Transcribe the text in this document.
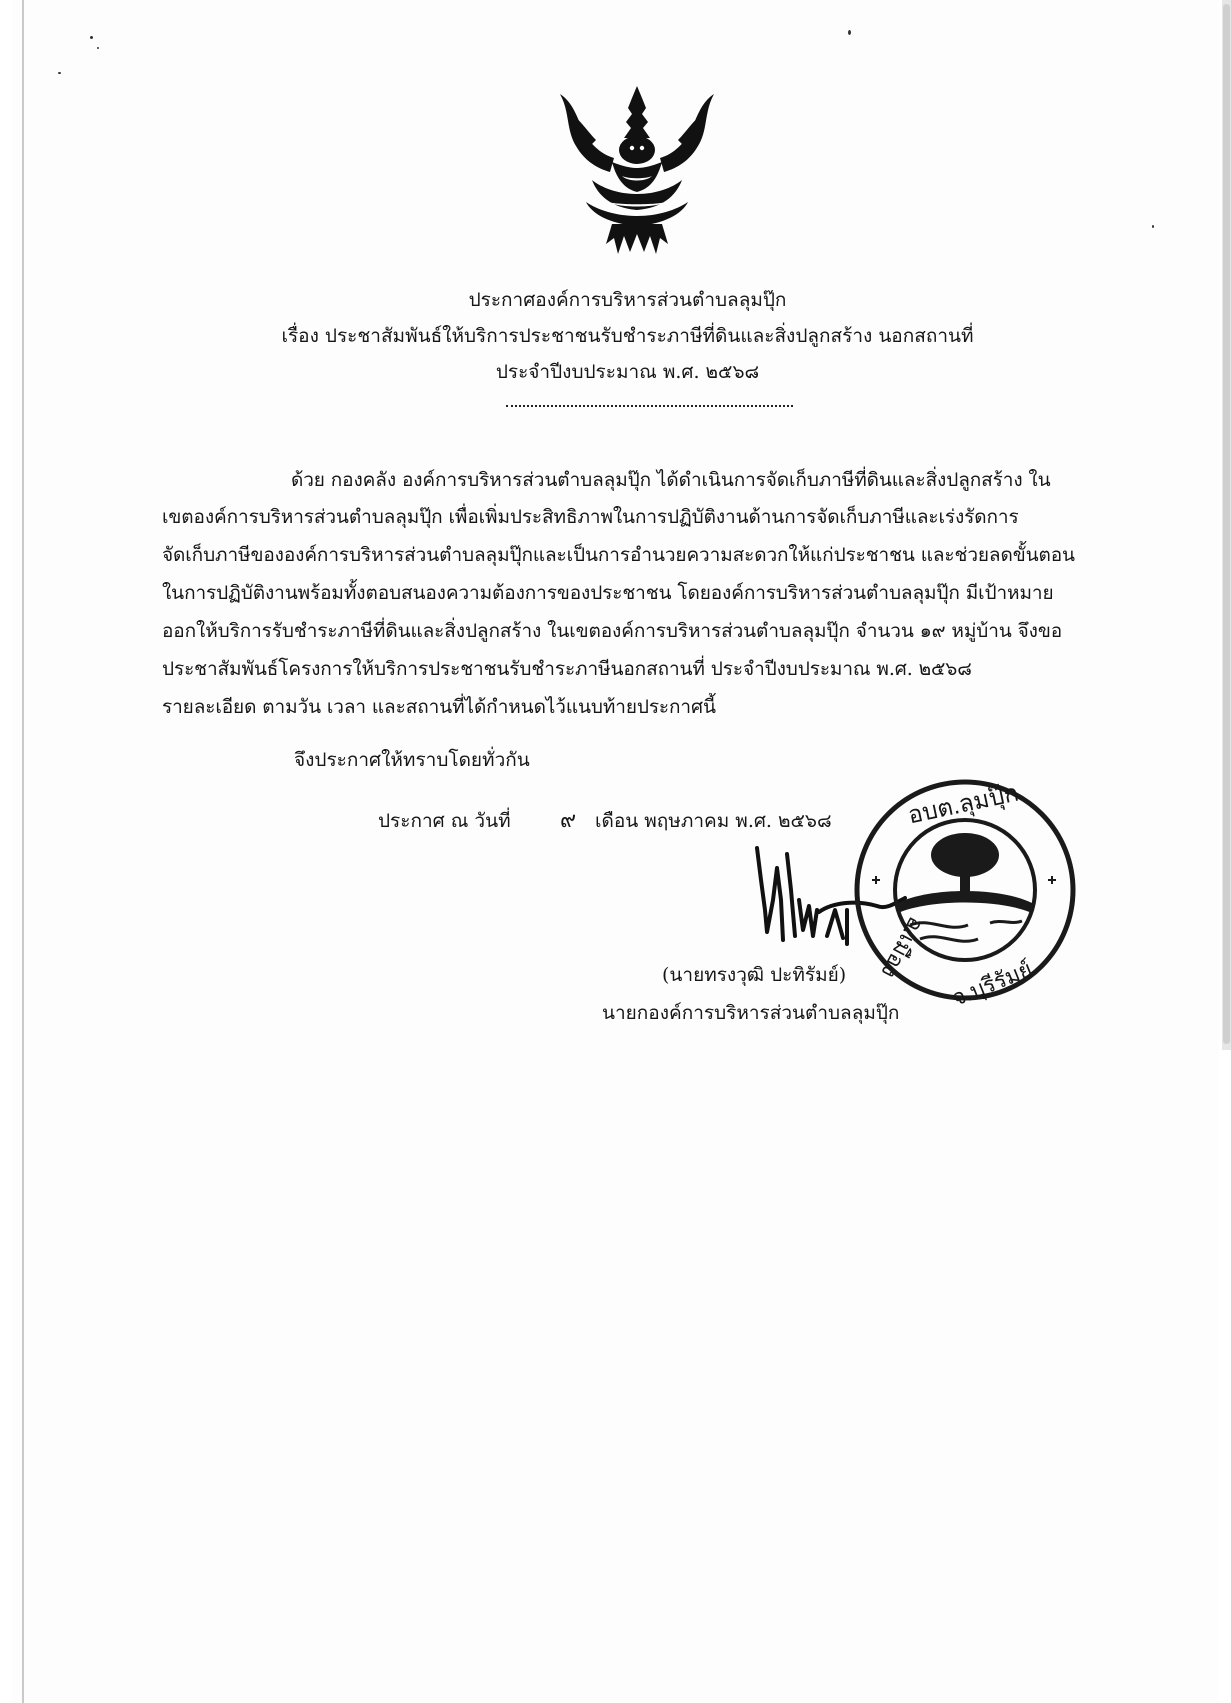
ประกาศองค์การบริหารส่วนตำบลลุมปุ๊ก
เรื่อง ประชาสัมพันธ์ให้บริการประชาชนรับชำระภาษีที่ดินและสิ่งปลูกสร้าง นอกสถานที่
ประจำปีงบประมาณ พ.ศ. ๒๕๖๘
ด้วย กองคลัง องค์การบริหารส่วนตำบลลุมปุ๊ก ได้ดำเนินการจัดเก็บภาษีที่ดินและสิ่งปลูกสร้าง ใน
เขตองค์การบริหารส่วนตำบลลุมปุ๊ก เพื่อเพิ่มประสิทธิภาพในการปฏิบัติงานด้านการจัดเก็บภาษีและเร่งรัดการ
จัดเก็บภาษีขององค์การบริหารส่วนตำบลลุมปุ๊กและเป็นการอำนวยความสะดวกให้แก่ประชาชน และช่วยลดขั้นตอน
ในการปฏิบัติงานพร้อมทั้งตอบสนองความต้องการของประชาชน โดยองค์การบริหารส่วนตำบลลุมปุ๊ก มีเป้าหมาย
ออกให้บริการรับชำระภาษีที่ดินและสิ่งปลูกสร้าง ในเขตองค์การบริหารส่วนตำบลลุมปุ๊ก จำนวน ๑๙ หมู่บ้าน จึงขอ
ประชาสัมพันธ์โครงการให้บริการประชาชนรับชำระภาษีนอกสถานที่ ประจำปีงบประมาณ พ.ศ. ๒๕๖๘
รายละเอียด ตามวัน เวลา และสถานที่ได้กำหนดไว้แนบท้ายประกาศนี้
จึงประกาศให้ทราบโดยทั่วกัน
ประกาศ ณ วันที่ ๙ เดือน พฤษภาคม พ.ศ. ๒๕๖๘	อบต.ลุมปุ๊ก
อ.เมือง
จ.บุรีรัมย์
(นายทรงวุฒิ ปะทิรัมย์)
นายกองค์การบริหารส่วนตำบลลุมปุ๊ก
